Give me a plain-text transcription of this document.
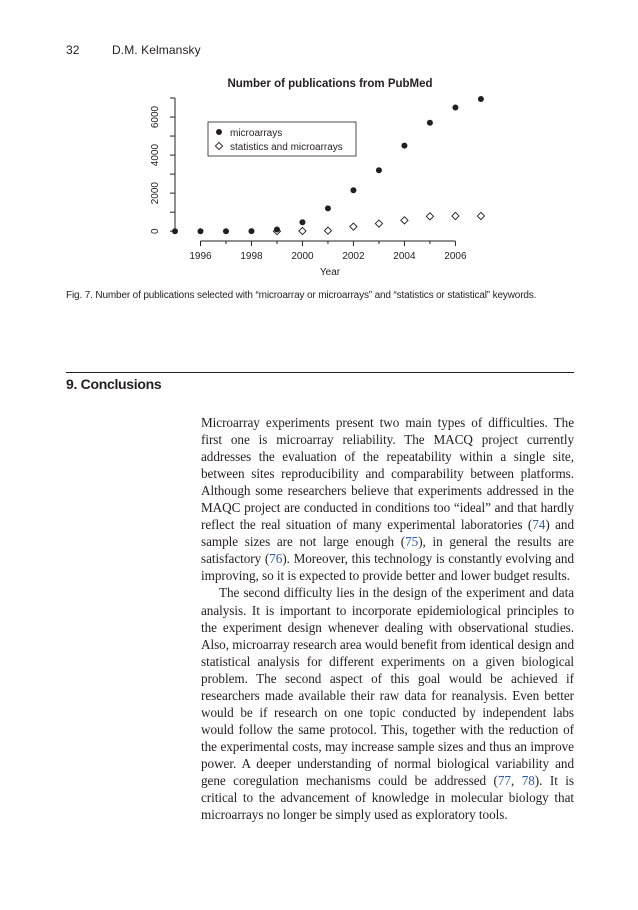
32	D.M. Kelmansky
Number of publications from PubMed
0
2000
4000
6000
1996	1998	2000	2002	2004	2006
microarrays
statistics and microarrays
Year
Fig. 7. Number of publications selected with “microarray or microarrays” and “statistics or statistical” keywords.
9. Conclusions

Microarray experiments present two main types of difficulties. The first one is microarray reliability. The MACQ project currently addresses the evaluation of the repeatability within a single site, between sites reproducibility and comparability between platforms. Although some researchers believe that experiments addressed in the MAQC project are conducted in conditions too “ideal” and that hardly reflect the real situation of many experimental laboratories (74) and sample sizes are not large enough (75), in general the results are satisfactory (76). Moreover, this technology is constantly evolving and improving, so it is expected to provide better and lower budget results.

The second difficulty lies in the design of the experiment and data analysis. It is important to incorporate epidemiological principles to the experiment design whenever dealing with observational studies. Also, microarray research area would benefit from identical design and statistical analysis for different experiments on a given biological problem. The second aspect of this goal would be achieved if researchers made available their raw data for reanalysis. Even better would be if research on one topic conducted by independent labs would follow the same protocol. This, together with the reduction of the experimental costs, may increase sample sizes and thus an improve power. A deeper understanding of normal biological variability and gene coregulation mechanisms could be addressed (77, 78). It is critical to the advancement of knowledge in molecular biology that microarrays no longer be simply used as exploratory tools.
